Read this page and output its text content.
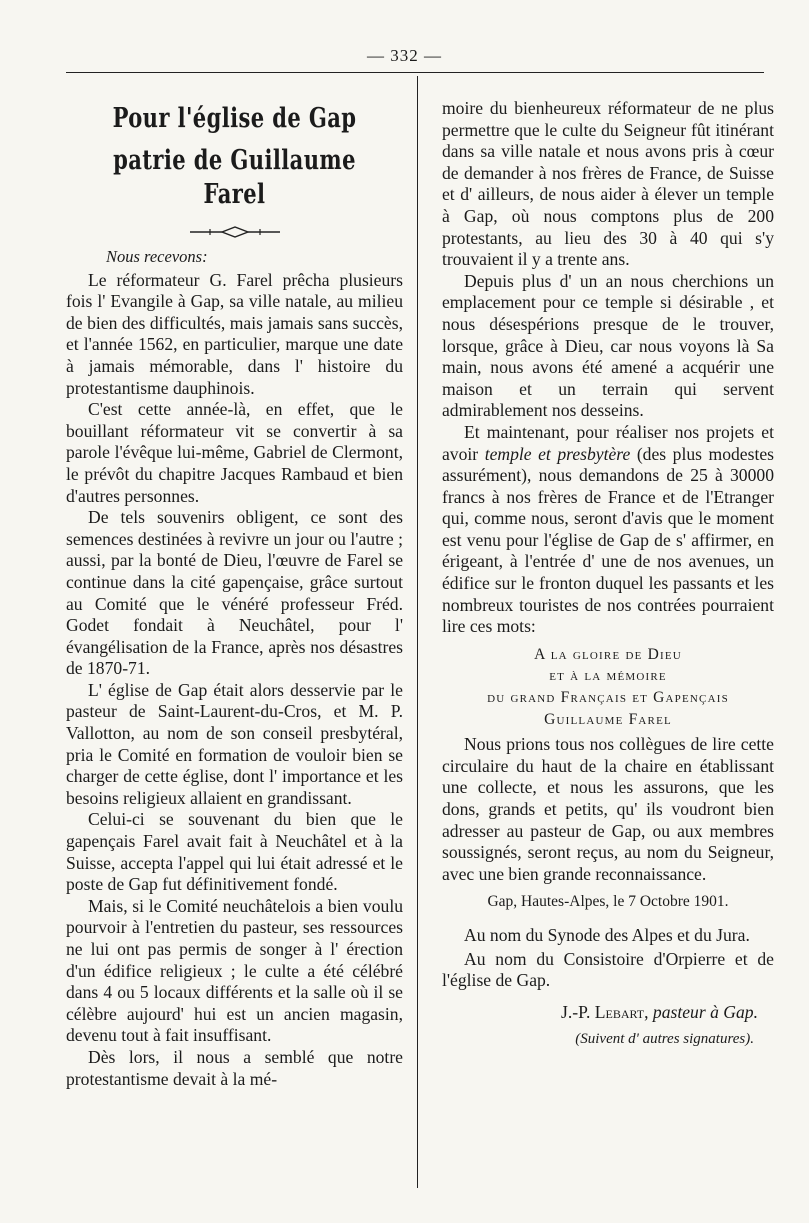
— 332 —
Pour l'église de Gap
patrie de Guillaume Farel

Nous recevons:

Le réformateur G. Farel prêcha plusieurs fois l' Evangile à Gap, sa ville natale, au milieu de bien des difficultés, mais jamais sans succès, et l'année 1562, en particulier, marque une date à jamais mémorable, dans l' histoire du protestantisme dauphinois.

C'est cette année-là, en effet, que le bouillant réformateur vit se convertir à sa parole l'évêque lui-même, Gabriel de Clermont, le prévôt du chapitre Jacques Rambaud et bien d'autres personnes.

De tels souvenirs obligent, ce sont des semences destinées à revivre un jour ou l'autre ; aussi, par la bonté de Dieu, l'œuvre de Farel se continue dans la cité gapençaise, grâce surtout au Comité que le vénéré professeur Fréd. Godet fondait à Neuchâtel, pour l' évangélisation de la France, après nos désastres de 1870-71.

L' église de Gap était alors desservie par le pasteur de Saint-Laurent-du-Cros, et M. P. Vallotton, au nom de son conseil presbytéral, pria le Comité en formation de vouloir bien se charger de cette église, dont l' importance et les besoins religieux allaient en grandissant.

Celui-ci se souvenant du bien que le gapençais Farel avait fait à Neuchâtel et à la Suisse, accepta l'appel qui lui était adressé et le poste de Gap fut définitivement fondé.

Mais, si le Comité neuchâtelois a bien voulu pourvoir à l'entretien du pasteur, ses ressources ne lui ont pas permis de songer à l' érection d'un édifice religieux ; le culte a été célébré dans 4 ou 5 locaux différents et la salle où il se célèbre aujourd' hui est un ancien magasin, devenu tout à fait insuffisant.

Dès lors, il nous a semblé que notre protestantisme devait à la mé-

moire du bienheureux réformateur de ne plus permettre que le culte du Seigneur fût itinérant dans sa ville natale et nous avons pris à cœur de demander à nos frères de France, de Suisse et d' ailleurs, de nous aider à élever un temple à Gap, où nous comptons plus de 200 protestants, au lieu des 30 à 40 qui s'y trouvaient il y a trente ans.

Depuis plus d' un an nous cherchions un emplacement pour ce temple si désirable , et nous désespérions presque de le trouver, lorsque, grâce à Dieu, car nous voyons là Sa main, nous avons été amené a acquérir une maison et un terrain qui servent admirablement nos desseins.

Et maintenant, pour réaliser nos projets et avoir temple et presbytère (des plus modestes assurément), nous demandons de 25 à 30000 francs à nos frères de France et de l'Etranger qui, comme nous, seront d'avis que le moment est venu pour l'église de Gap de s' affirmer, en érigeant, à l'entrée d' une de nos avenues, un édifice sur le fronton duquel les passants et les nombreux touristes de nos contrées pourraient lire ces mots:

A la gloire de Dieu
et à la mémoire
du grand Français et Gapençais
Guillaume Farel

Nous prions tous nos collègues de lire cette circulaire du haut de la chaire en établissant une collecte, et nous les assurons, que les dons, grands et petits, qu' ils voudront bien adresser au pasteur de Gap, ou aux membres soussignés, seront reçus, au nom du Seigneur, avec une bien grande reconnaissance.

Gap, Hautes-Alpes, le 7 Octobre 1901.

Au nom du Synode des Alpes et du Jura.

Au nom du Consistoire d'Orpierre et de l'église de Gap.

J.-P. Lebart, pasteur à Gap.

(Suivent d' autres signatures).
